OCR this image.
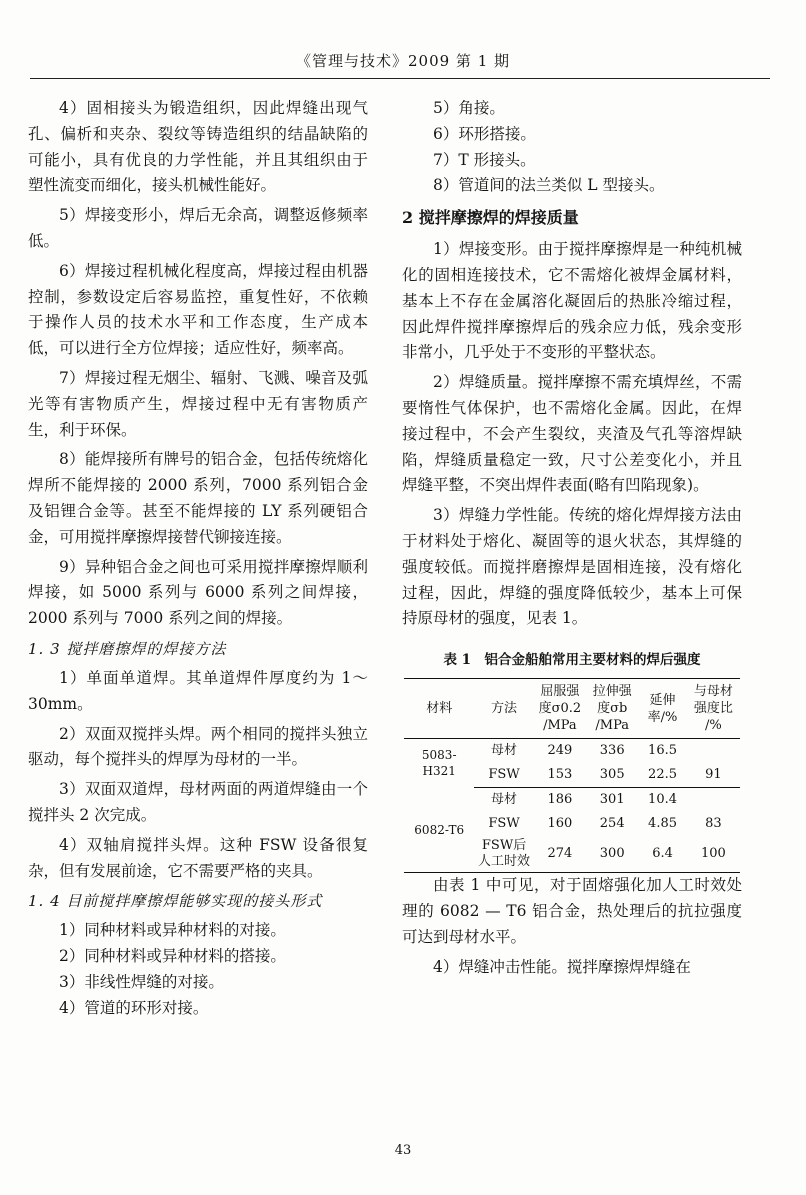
《管理与技术》2009 第 1 期

4）固相接头为锻造组织，因此焊缝出现气孔、偏析和夹杂、裂纹等铸造组织的结晶缺陷的可能小，具有优良的力学性能，并且其组织由于塑性流变而细化，接头机械性能好。

5）焊接变形小，焊后无余高，调整返修频率低。

6）焊接过程机械化程度高，焊接过程由机器控制，参数设定后容易监控，重复性好，不依赖于操作人员的技术水平和工作态度，生产成本低，可以进行全方位焊接；适应性好，频率高。

7）焊接过程无烟尘、辐射、飞溅、噪音及弧光等有害物质产生，焊接过程中无有害物质产生，利于环保。

8）能焊接所有牌号的铝合金，包括传统熔化焊所不能焊接的 2000 系列，7000 系列铝合金及铝锂合金等。甚至不能焊接的 LY 系列硬铝合金，可用搅拌摩擦焊接替代铆接连接。

9）异种铝合金之间也可采用搅拌摩擦焊顺利焊接，如 5000 系列与 6000 系列之间焊接，2000 系列与 7000 系列之间的焊接。

1. 3 搅拌磨擦焊的焊接方法

1）单面单道焊。其单道焊件厚度约为 1～30mm。

2）双面双搅拌头焊。两个相同的搅拌头独立驱动，每个搅拌头的焊厚为母材的一半。

3）双面双道焊，母材两面的两道焊缝由一个搅拌头 2 次完成。

4）双轴肩搅拌头焊。这种 FSW 设备很复杂，但有发展前途，它不需要严格的夹具。

1. 4 目前搅拌摩擦焊能够实现的接头形式

1）同种材料或异种材料的对接。

2）同种材料或异种材料的搭接。

3）非线性焊缝的对接。

4）管道的环形对接。

5）角接。

6）环形搭接。

7）T 形接头。

8）管道间的法兰类似 L 型接头。

2 搅拌摩擦焊的焊接质量

1）焊接变形。由于搅拌摩擦焊是一种纯机械化的固相连接技术，它不需熔化被焊金属材料，基本上不存在金属溶化凝固后的热胀冷缩过程，因此焊件搅拌摩擦焊后的残余应力低，残余变形非常小，几乎处于不变形的平整状态。

2）焊缝质量。搅拌摩擦不需充填焊丝，不需要惰性气体保护，也不需熔化金属。因此，在焊接过程中，不会产生裂纹，夹渣及气孔等溶焊缺陷，焊缝质量稳定一致，尺寸公差变化小，并且焊缝平整，不突出焊件表面(略有凹陷现象)。

3）焊缝力学性能。传统的熔化焊焊接方法由于材料处于熔化、凝固等的退火状态，其焊缝的强度较低。而搅拌磨擦焊是固相连接，没有熔化过程，因此，焊缝的强度降低较少，基本上可保持原母材的强度，见表 1。

表 1　铝合金船舶常用主要材料的焊后强度
材料	方法	屈服强度σ0.2 /MPa	拉伸强度σb /MPa	延伸率/%	与母材强度比 /%
5083-H321	母材	249	336	16.5	
	FSW	153	305	22.5	91
6082-T6	母材	186	301	10.4	
	FSW	160	254	4.85	83
	FSW后人工时效	274	300	6.4	100

由表 1 中可见，对于固熔强化加人工时效处理的 6082 — T6 铝合金，热处理后的抗拉强度可达到母材水平。

4）焊缝冲击性能。搅拌摩擦焊焊缝在

43
